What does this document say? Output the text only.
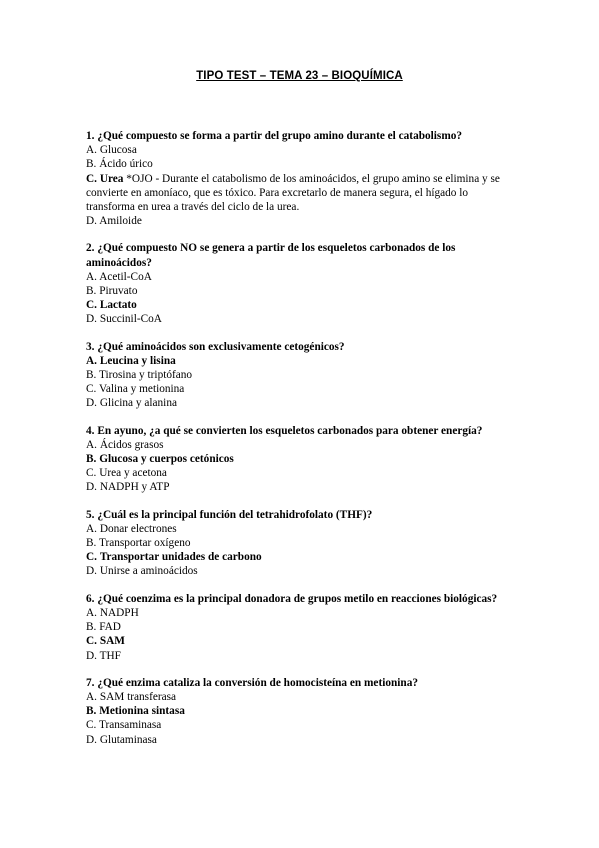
TIPO TEST – TEMA 23 – BIOQUÍMICA

1. ¿Qué compuesto se forma a partir del grupo amino durante el catabolismo?

A. Glucosa

B. Ácido úrico

C. Urea *OJO - Durante el catabolismo de los aminoácidos, el grupo amino se elimina y se convierte en amoníaco, que es tóxico. Para excretarlo de manera segura, el hígado lo transforma en urea a través del ciclo de la urea.

D. Amiloide

2. ¿Qué compuesto NO se genera a partir de los esqueletos carbonados de los aminoácidos?

A. Acetil-CoA

B. Piruvato

C. Lactato

D. Succinil-CoA

3. ¿Qué aminoácidos son exclusivamente cetogénicos?

A. Leucina y lisina

B. Tirosina y triptófano

C. Valina y metionina

D. Glicina y alanina

4. En ayuno, ¿a qué se convierten los esqueletos carbonados para obtener energía?

A. Ácidos grasos

B. Glucosa y cuerpos cetónicos

C. Urea y acetona

D. NADPH y ATP

5. ¿Cuál es la principal función del tetrahidrofolato (THF)?

A. Donar electrones

B. Transportar oxígeno

C. Transportar unidades de carbono

D. Unirse a aminoácidos

6. ¿Qué coenzima es la principal donadora de grupos metilo en reacciones biológicas?

A. NADPH

B. FAD

C. SAM

D. THF

7. ¿Qué enzima cataliza la conversión de homocisteína en metionina?

A. SAM transferasa

B. Metionina sintasa

C. Transaminasa

D. Glutaminasa
